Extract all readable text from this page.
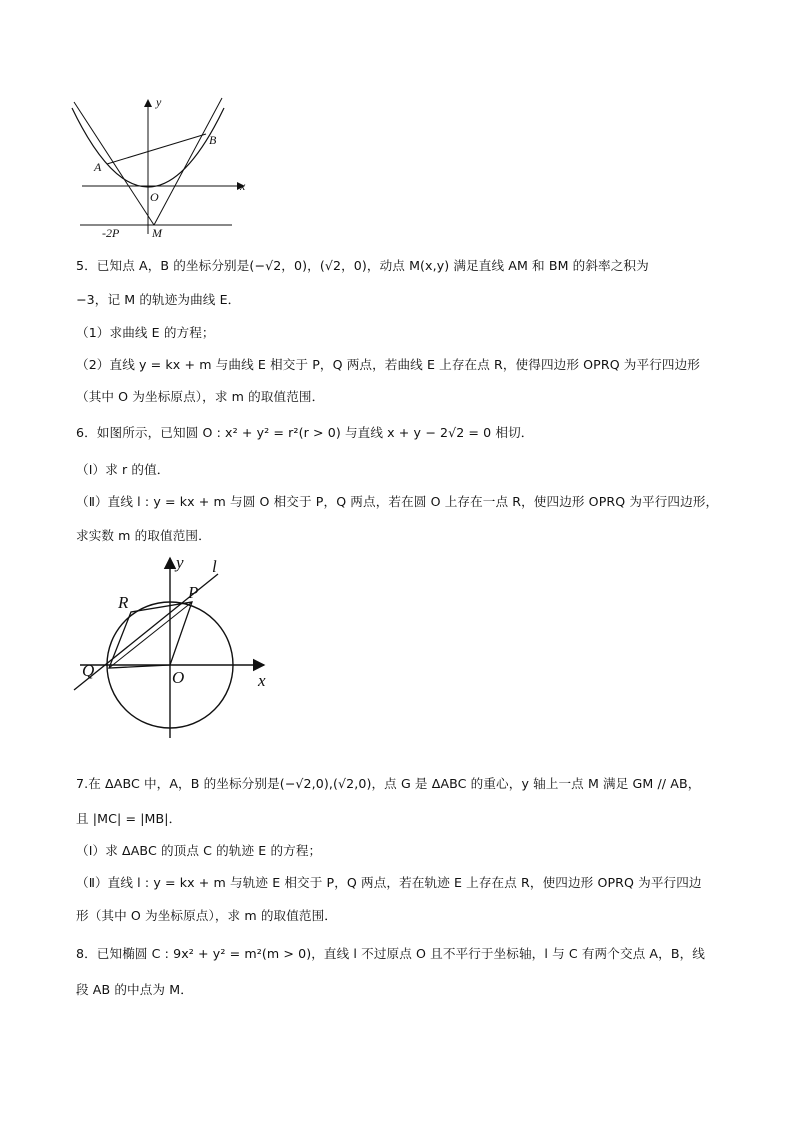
y
x
A
B
O
M
-2P
5．已知点 A，B 的坐标分别是(−√2，0)，(√2，0)，动点 M(x,y) 满足直线 AM 和 BM 的斜率之积为
−3，记 M 的轨迹为曲线 E．
（1）求曲线 E 的方程；
（2）直线 y = kx + m 与曲线 E 相交于 P，Q 两点，若曲线 E 上存在点 R，使得四边形 OPRQ 为平行四边形
（其中 O 为坐标原点），求 m 的取值范围．
6．如图所示，已知圆 O : x² + y² = r²(r > 0) 与直线 x + y − 2√2 = 0 相切．
（Ⅰ）求 r 的值．
（Ⅱ）直线 l : y = kx + m 与圆 O 相交于 P，Q 两点，若在圆 O 上存在一点 R，使四边形 OPRQ 为平行四边形，
求实数 m 的取值范围．
y
x
l
R
P
Q	O
7.在 ΔABC 中，A，B 的坐标分别是(−√2,0),(√2,0)，点 G 是 ΔABC 的重心，y 轴上一点 M 满足 GM // AB，
且 |MC| = |MB|．
（Ⅰ）求 ΔABC 的顶点 C 的轨迹 E 的方程；
（Ⅱ）直线 l : y = kx + m 与轨迹 E 相交于 P，Q 两点，若在轨迹 E 上存在点 R，使四边形 OPRQ 为平行四边
形（其中 O 为坐标原点），求 m 的取值范围．
8．已知椭圆 C : 9x² + y² = m²(m > 0)，直线 l 不过原点 O 且不平行于坐标轴，l 与 C 有两个交点 A，B，线
段 AB 的中点为 M．
